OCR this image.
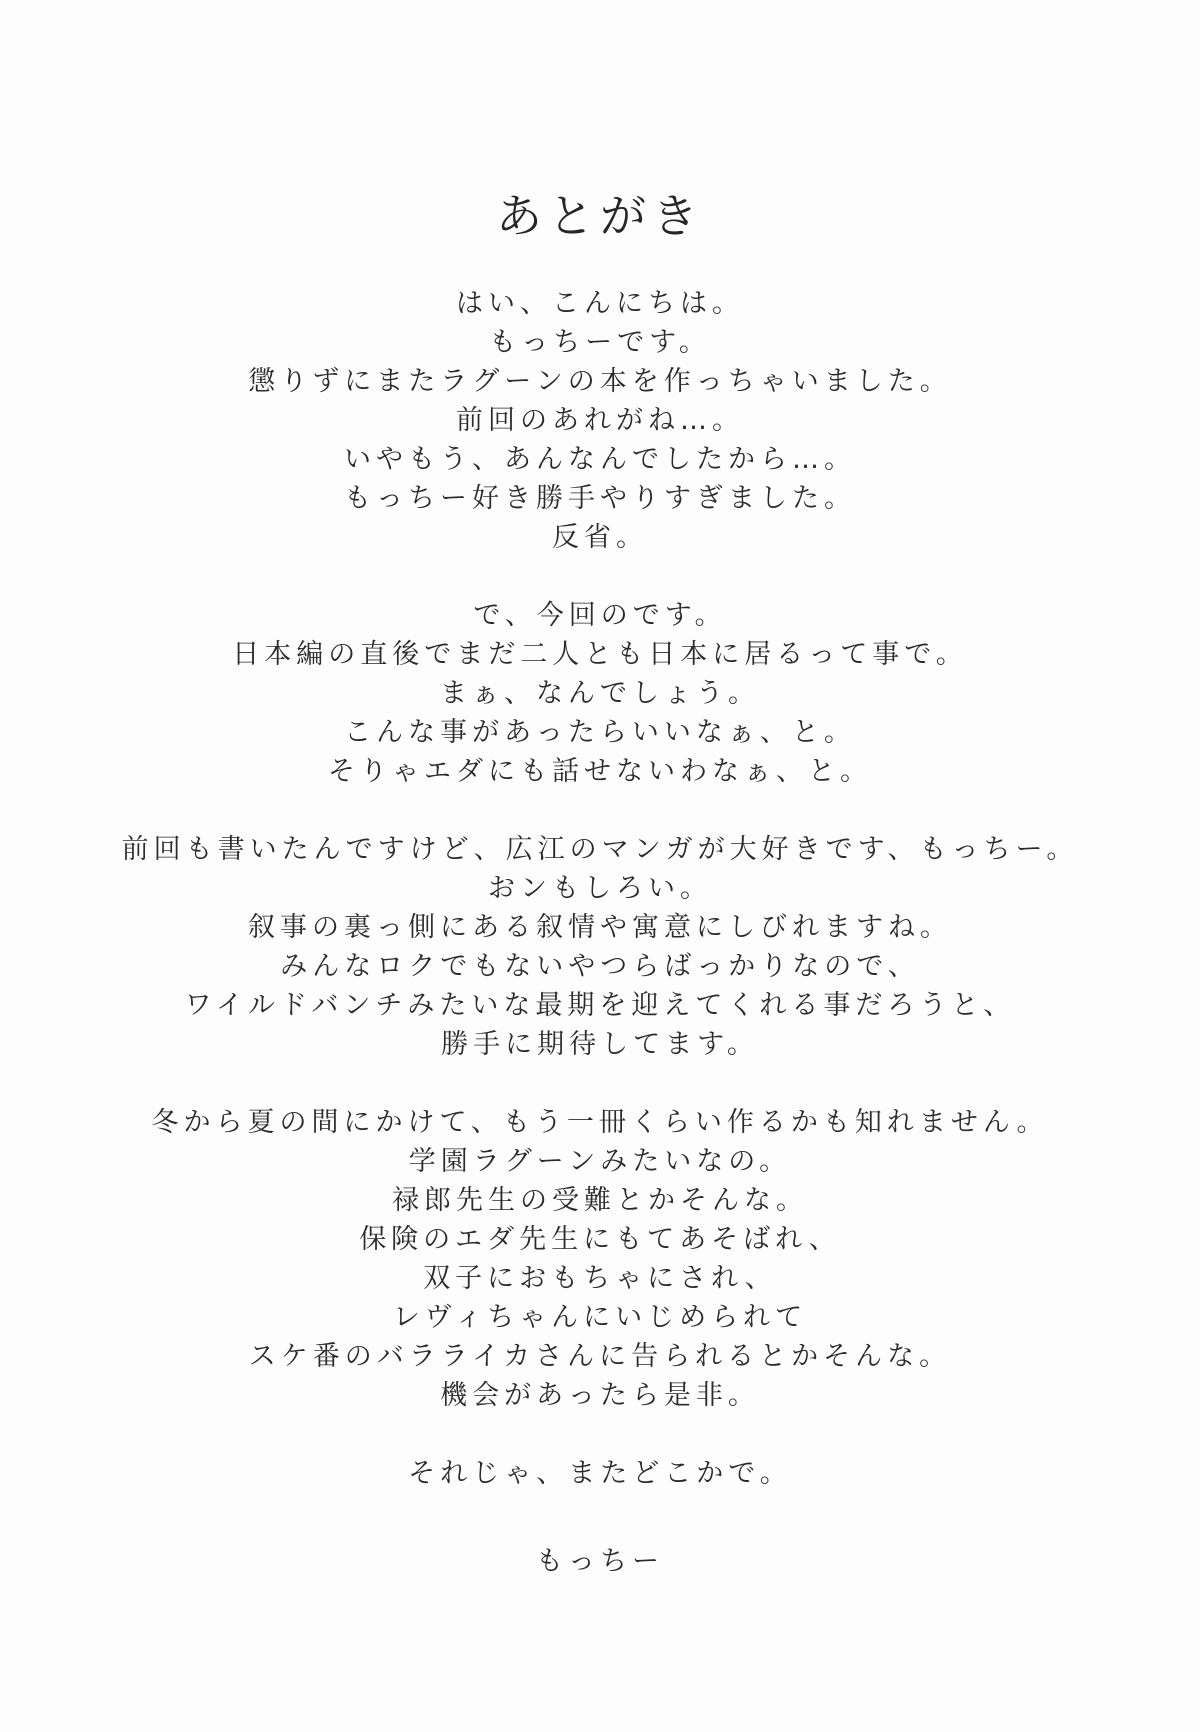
あとがき
はい、こんにちは。
もっちーです。
懲りずにまたラグーンの本を作っちゃいました。
前回のあれがね…。
いやもう、あんなんでしたから…。
もっちー好き勝手やりすぎました。
反省。
で、今回のです。
日本編の直後でまだ二人とも日本に居るって事で。
まぁ、なんでしょう。
こんな事があったらいいなぁ、と。
そりゃエダにも話せないわなぁ、と。
前回も書いたんですけど、広江のマンガが大好きです、もっちー。
おンもしろい。
叙事の裏っ側にある叙情や寓意にしびれますね。
みんなロクでもないやつらばっかりなので、
ワイルドバンチみたいな最期を迎えてくれる事だろうと、
勝手に期待してます。
冬から夏の間にかけて、もう一冊くらい作るかも知れません。
学園ラグーンみたいなの。
禄郎先生の受難とかそんな。
保険のエダ先生にもてあそばれ、
双子におもちゃにされ、
レヴィちゃんにいじめられて
スケ番のバラライカさんに告られるとかそんな。
機会があったら是非。
それじゃ、またどこかで。
もっちー
